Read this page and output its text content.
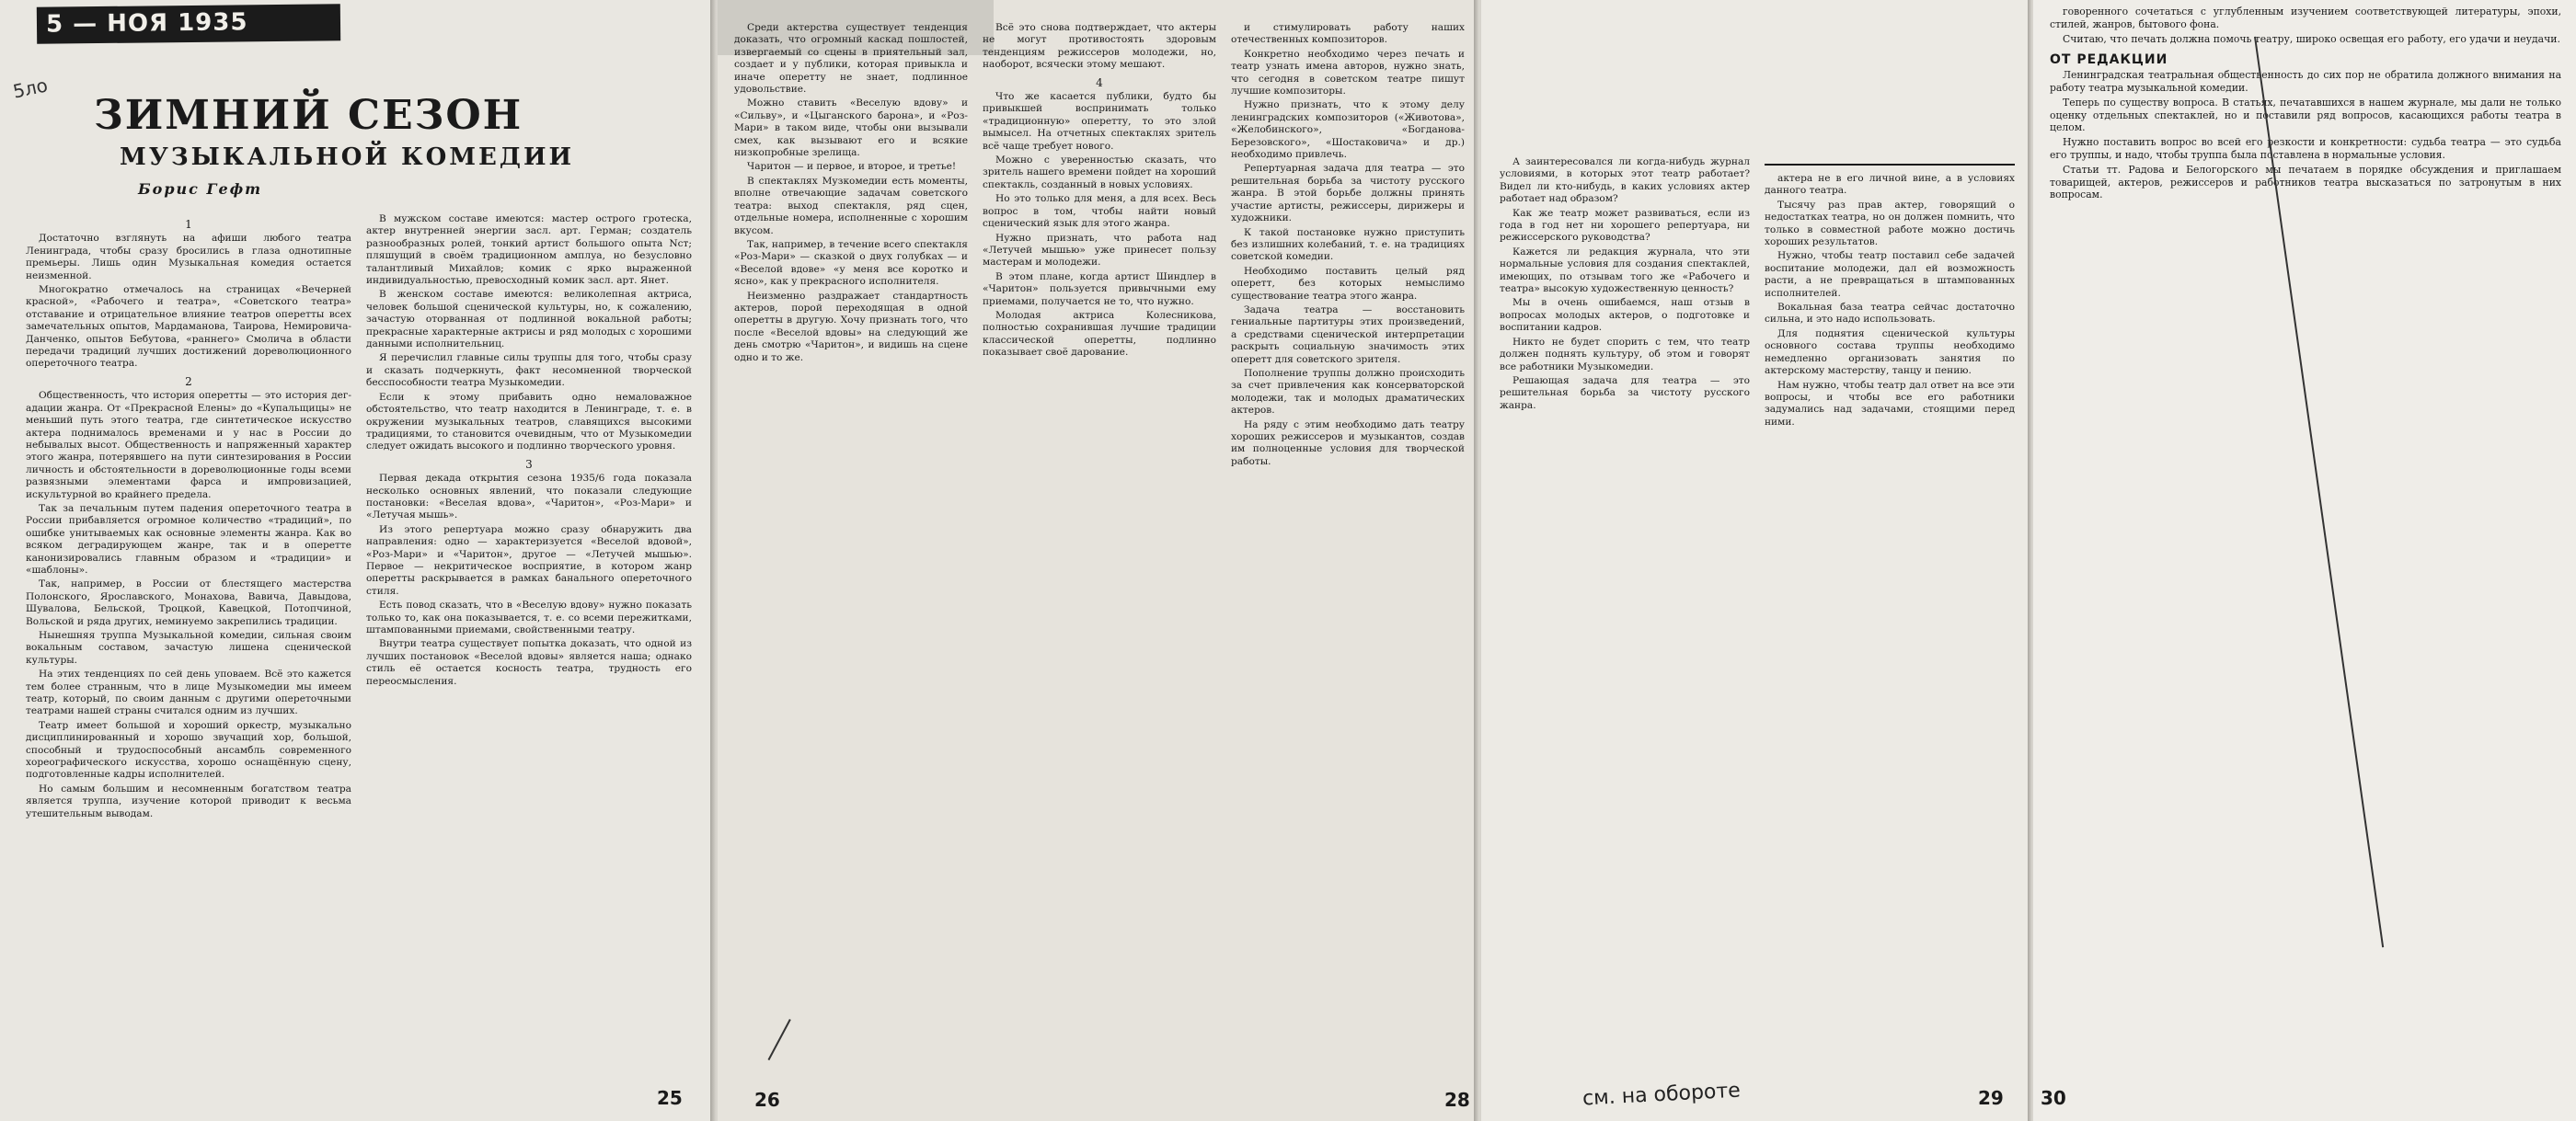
5 — НОЯ 1935
5ло
ЗИМНИЙ СЕЗОН
МУЗЫКАЛЬНОЙ КОМЕДИИ
Борис Гефт

1

Достаточно взглянуть на афиши любого театра Ленинграда, чтобы сразу бросились в глаза однотипные премьеры. Лишь один Музыкальная комедия остается неизменной.

Многократно отмечалось на страницах «Вечерней красной», «Рабочего и театра», «Советского театра» отставание и отрицательное влияние театров оперетты всех замечательных опытов, Мардаманова, Таирова, Немировича-Данченко, опытов Бебутова, «раннего» Смолича в области передачи традиций лучших достижений дореволюционного опереточного театра.

2

Общественность, что история оперетты — это история дег-адации жанра. От «Прекрасной Елены» до «Купальщицы» не меньший путь этого театра, где синтетическое искусство актера поднималось временами и у нас в России до небывалых высот. Общественность и напряженный характер этого жанра, потерявшего на пути синтезирования в России личность и обстоятельности в дореволюционные годы всеми развязными элементами фарса и импровизацией, искультурной во крайнего предела.

Так за печальным путем падения опереточного театра в России прибавляется огромное количество «традиций», по ошибке унитываемых как основные элементы жанра. Как во всяком деградирующем жанре, так и в оперетте канонизировались главным образом и «традиции» и «шаблоны».

Так, например, в России от блестящего мастерства Полонского, Ярославского, Монахова, Вавича, Давыдова, Шувалова, Бельской, Троцкой, Кавецкой, Потопчиной, Вольской и ряда других, неминуемо закрепились традиции.

Нынешняя труппа Музыкальной комедии, сильная своим вокальным составом, зачастую лишена сценической культуры.

На этих тенденциях по сей день уповаем. Всё это кажется тем более странным, что в лице Музыкомедии мы имеем театр, который, по своим данным с другими опереточными театрами нашей страны считался одним из лучших.

Театр имеет большой и хороший оркестр, музыкально дисциплинированный и хорошо звучащий хор, большой, способный и трудоспособный ансамбль современного хореографического искусства, хорошо оснащённую сцену, подготовленные кадры исполнителей.

Но самым большим и несомненным богатством театра является труппа, изучение которой приводит к весьма утешительным выводам.

В мужском составе имеются: мастер острого гротеска, актер внутренней энергии засл. арт. Герман; создатель разнообразных ролей, тонкий артист большого опыта Ncт; пляшущий в своём традиционном амплуа, но безусловно талантливый Михайлов; комик с ярко выраженной индивидуальностью, превосходный комик засл. арт. Янет.

В женском составе имеются: великолепная актриса, человек большой сценической культуры, но, к сожалению, зачастую оторванная от подлинной вокальной работы; прекрасные характерные актрисы и ряд молодых с хорошими данными исполнительниц.

Я перечислил главные силы труппы для того, чтобы сразу и сказать подчеркнуть, факт несомненной творческой бесспособности театра Музыкомедии.

Если к этому прибавить одно немаловажное обстоятельство, что театр находится в Ленинграде, т. е. в окружении музыкальных театров, славящихся высокими традициями, то становится очевидным, что от Музыкомедии следует ожидать высокого и подлинно творческого уровня.

3

Первая декада открытия сезона 1935/6 года показала несколько основных явлений, что показали следующие постановки: «Веселая вдова», «Чаритон», «Роз-Мари» и «Летучая мышь».

Из этого репертуара можно сразу обнаружить два направления: одно — характеризуется «Веселой вдовой», «Роз-Мари» и «Чаритон», другое — «Летучей мышью». Первое — некритическое восприятие, в котором жанр оперетты раскрывается в рамках банального опереточного стиля.

Есть повод сказать, что в «Веселую вдову» нужно показать только то, как она показывается, т. е. со всеми пережитками, штампованными приемами, свойственными театру.

Внутри театра существует попытка доказать, что одной из лучших постановок «Веселой вдовы» является наша; однако стиль её остается косность театра, трудность его переосмысления.

25

Среди актерства существует тенденция доказать, что огромный каскад пошлостей, извергаемый со сцены в приятельный зал, создает и у публики, которая привыкла и иначе оперетту не знает, подлинное удовольствие.

Можно ставить «Веселую вдову» и «Сильву», и «Цыганского барона», и «Роз-Мари» в таком виде, чтобы они вызывали смех, как вызывают его и всякие низкопробные зрелища.

Чаритон — и первое, и второе, и третье!

В спектаклях Музкомедии есть моменты, вполне отвечающие задачам советского театра: выход спектакля, ряд сцен, отдельные номера, исполненные с хорошим вкусом.

Так, например, в течение всего спектакля «Роз-Мари» — сказкой о двух голубках — и «Веселой вдове» «у меня все коротко и ясно», как у прекрасного исполнителя.

Неизменно раздражает стандартность актеров, порой переходящая в одной оперетты в другую. Хочу признать того, что после «Веселой вдовы» на следующий же день смотрю «Чаритон», и видишь на сцене одно и то же.

Всё это снова подтверждает, что актеры не могут противостоять здоровым тенденциям режиссеров молодежи, но, наоборот, всячески этому мешают.

4

Что же касается публики, будто бы привыкшей воспринимать только «традиционную» оперетту, то это злой вымысел. На отчетных спектаклях зритель всё чаще требует нового.

Можно с уверенностью сказать, что зритель нашего времени пойдет на хороший спектакль, созданный в новых условиях.

Но это только для меня, а для всех. Весь вопрос в том, чтобы найти новый сценический язык для этого жанра.

Нужно признать, что работа над «Летучей мышью» уже принесет пользу мастерам и молодежи.

В этом плане, когда артист Шиндлер в «Чаритон» пользуется привычными ему приемами, получается не то, что нужно.

Молодая актриса Колесникова, полностью сохранившая лучшие традиции классической оперетты, подлинно показывает своё дарование.

и стимулировать работу наших отечественных композиторов.

Конкретно необходимо через печать и театр узнать имена авторов, нужно знать, что сегодня в советском театре пишут лучшие композиторы.

Нужно признать, что к этому делу ленинградских композиторов («Животова», «Желобинского», «Богданова-Березовского», «Шостаковича» и др.) необходимо привлечь.

Репертуарная задача для театра — это решительная борьба за чистоту русского жанра. В этой борьбе должны принять участие артисты, режиссеры, дирижеры и художники.

К такой постановке нужно приступить без излишних колебаний, т. е. на традициях советской комедии.

Необходимо поставить целый ряд оперетт, без которых немыслимо существование театра этого жанра.

Задача театра — восстановить гениальные партитуры этих произведений, а средствами сценической интерпретации раскрыть социальную значимость этих оперетт для советского зрителя.

Пополнение труппы должно происходить за счет привлечения как консерваторской молодежи, так и молодых драматических актеров.

На ряду с этим необходимо дать театру хороших режиссеров и музыкантов, создав им полноценные условия для творческой работы.

26	28

А заинтересовался ли когда-нибудь журнал условиями, в которых этот театр работает? Видел ли кто-нибудь, в каких условиях актер работает над образом?

Как же театр может развиваться, если из года в год нет ни хорошего репертуара, ни режиссерского руководства?

Кажется ли редакция журнала, что эти нормальные условия для создания спектаклей, имеющих, по отзывам того же «Рабочего и театра» высокую художественную ценность?

Мы в очень ошибаемся, наш отзыв в вопросах молодых актеров, о подготовке и воспитании кадров.

Никто не будет спорить с тем, что театр должен поднять культуру, об этом и говорят все работники Музыкомедии.

Решающая задача для театра — это решительная борьба за чистоту русского жанра.

актера не в его личной вине, а в условиях данного театра.

Тысячу раз прав актер, говорящий о недостатках театра, но он должен помнить, что только в совместной работе можно достичь хороших результатов.

Нужно, чтобы театр поставил себе задачей воспитание молодежи, дал ей возможность расти, а не превращаться в штампованных исполнителей.

Вокальная база театра сейчас достаточно сильна, и это надо использовать.

Для поднятия сценической культуры основного состава труппы необходимо немедленно организовать занятия по актерскому мастерству, танцу и пению.

Нам нужно, чтобы театр дал ответ на все эти вопросы, и чтобы все его работники задумались над задачами, стоящими перед ними.

см. на обороте	29

говоренного сочетаться с углубленным изучением соответствующей литературы, эпохи, стилей, жанров, бытового фона.

Считаю, что печать должна помочь театру, широко освещая его работу, его удачи и неудачи.

ОТ РЕДАКЦИИ

Ленинградская театральная общественность до сих пор не обратила должного внимания на работу театра музыкальной комедии.

Теперь по существу вопроса. В статьях, печатавшихся в нашем журнале, мы дали не только оценку отдельных спектаклей, но и поставили ряд вопросов, касающихся работы театра в целом.

Нужно поставить вопрос во всей его резкости и конкретности: судьба театра — это судьба его труппы, и надо, чтобы труппа была поставлена в нормальные условия.

Статьи тт. Радова и Белогорского мы печатаем в порядке обсуждения и приглашаем товарищей, актеров, режиссеров и работников театра высказаться по затронутым в них вопросам.

30
